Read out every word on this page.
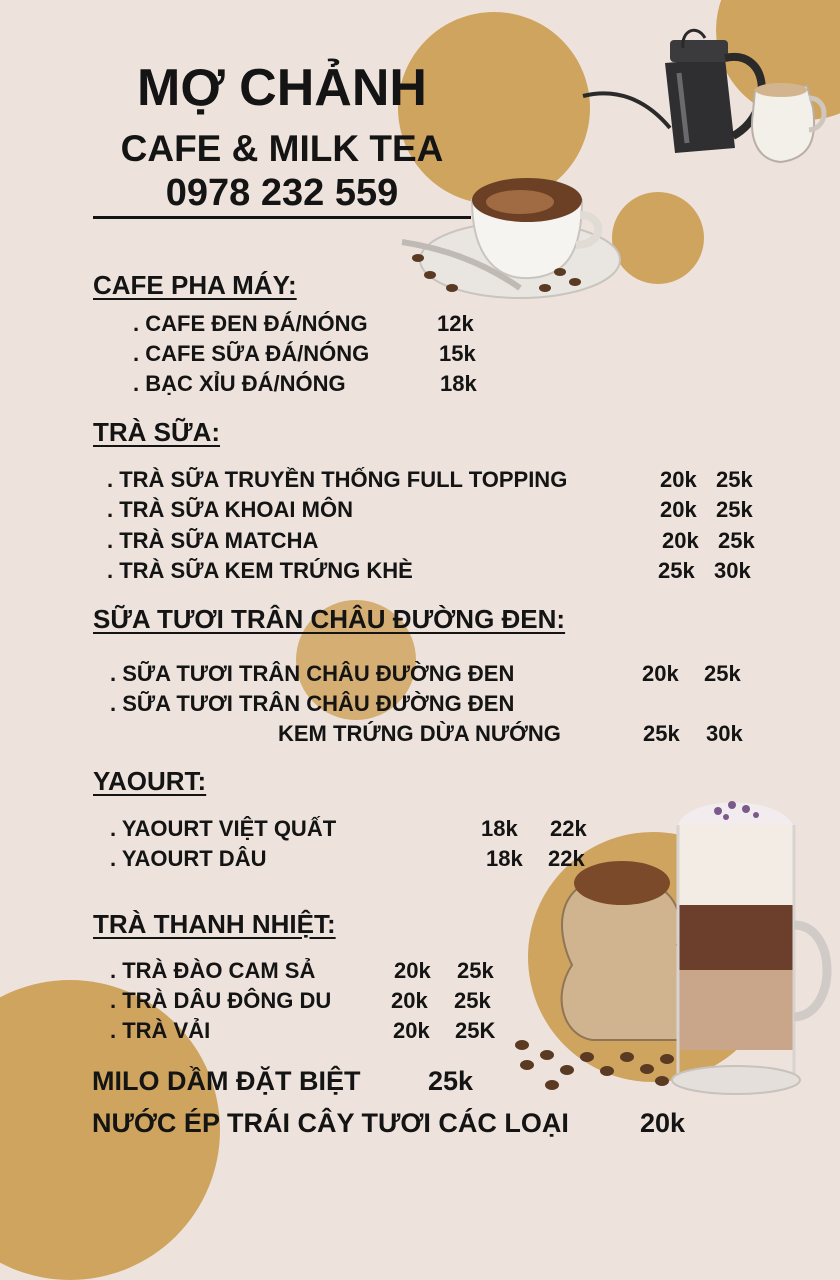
MỢ CHẢNH
CAFE & MILK TEA
0978 232 559
CAFE PHA MÁY:
. CAFE ĐEN ĐÁ/NÓNG	12k
. CAFE SỮA ĐÁ/NÓNG	15k
. BẠC XỈU ĐÁ/NÓNG	18k
TRÀ SỮA:
. TRÀ SỮA TRUYỀN THỐNG FULL TOPPING	20k 25k
. TRÀ SỮA KHOAI MÔN	20k 25k
. TRÀ SỮA MATCHA	20k 25k
. TRÀ SỮA KEM TRỨNG KHÈ	25k 30k
SỮA TƯƠI TRÂN CHÂU ĐƯỜNG ĐEN:
. SỮA TƯƠI TRÂN CHÂU ĐƯỜNG ĐEN	20k 25k
. SỮA TƯƠI TRÂN CHÂU ĐƯỜNG ĐEN
KEM TRỨNG DỪA NƯỚNG	25k 30k
YAOURT:
. YAOURT VIỆT QUẤT	18k 22k
. YAOURT DÂU	18k 22k
TRÀ THANH NHIỆT:
. TRÀ ĐÀO CAM SẢ	20k 25k
. TRÀ DÂU ĐÔNG DU	20k 25k
. TRÀ VẢI	20k 25K
MILO DẦM ĐẶT BIỆT	25k
NƯỚC ÉP TRÁI CÂY TƯƠI CÁC LOẠI	20k
